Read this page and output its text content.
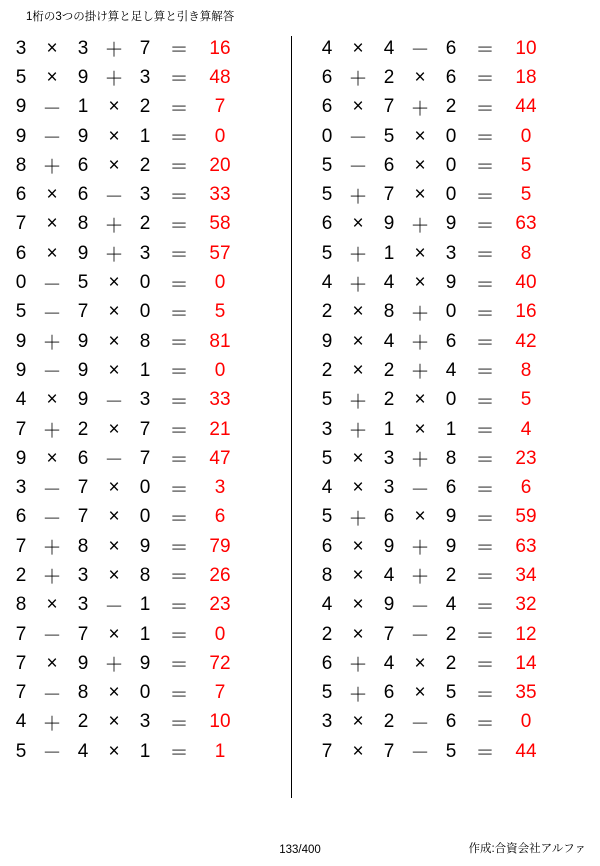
1桁の3つの掛け算と足し算と引き算解答
3	×	3 ＋ 7	＝	16
5	×	9 ＋ 3	＝	48
9 － 1	×	2	＝	7
9 － 9	×	1	＝	0
8 ＋ 6	×	2	＝	20
6	×	6 － 3	＝	33
7	×	8 ＋ 2	＝	58
6	×	9 ＋ 3	＝	57
0 － 5	×	0	＝	0
5 － 7	×	0	＝	5
9 ＋ 9	×	8	＝	81
9 － 9	×	1	＝	0
4	×	9 － 3	＝	33
7 ＋ 2	×	7	＝	21
9	×	6 － 7	＝	47
3 － 7	×	0	＝	3
6 － 7	×	0	＝	6
7 ＋ 8	×	9	＝	79
2 ＋ 3	×	8	＝	26
8	×	3 － 1	＝	23
7 － 7	×	1	＝	0
7	×	9 ＋ 9	＝	72
7 － 8	×	0	＝	7
4 ＋ 2	×	3	＝	10
5 － 4	×	1	＝	1
4	×	4 － 6	＝	10
6 ＋ 2	×	6	＝	18
6	×	7 ＋ 2	＝	44
0 － 5	×	0	＝	0
5 － 6	×	0	＝	5
5 ＋ 7	×	0	＝	5
6	×	9 ＋ 9	＝	63
5 ＋ 1	×	3	＝	8
4 ＋ 4	×	9	＝	40
2	×	8 ＋ 0	＝	16
9	×	4 ＋ 6	＝	42
2	×	2 ＋ 4	＝	8
5 ＋ 2	×	0	＝	5
3 ＋ 1	×	1	＝	4
5	×	3 ＋ 8	＝	23
4	×	3 － 6	＝	6
5 ＋ 6	×	9	＝	59
6	×	9 ＋ 9	＝	63
8	×	4 ＋ 2	＝	34
4	×	9 － 4	＝	32
2	×	7 － 2	＝	12
6 ＋ 4	×	2	＝	14
5 ＋ 6	×	5	＝	35
3	×	2 － 6	＝	0
7	×	7 － 5	＝	44
133/400	作成:合資会社アルファ
